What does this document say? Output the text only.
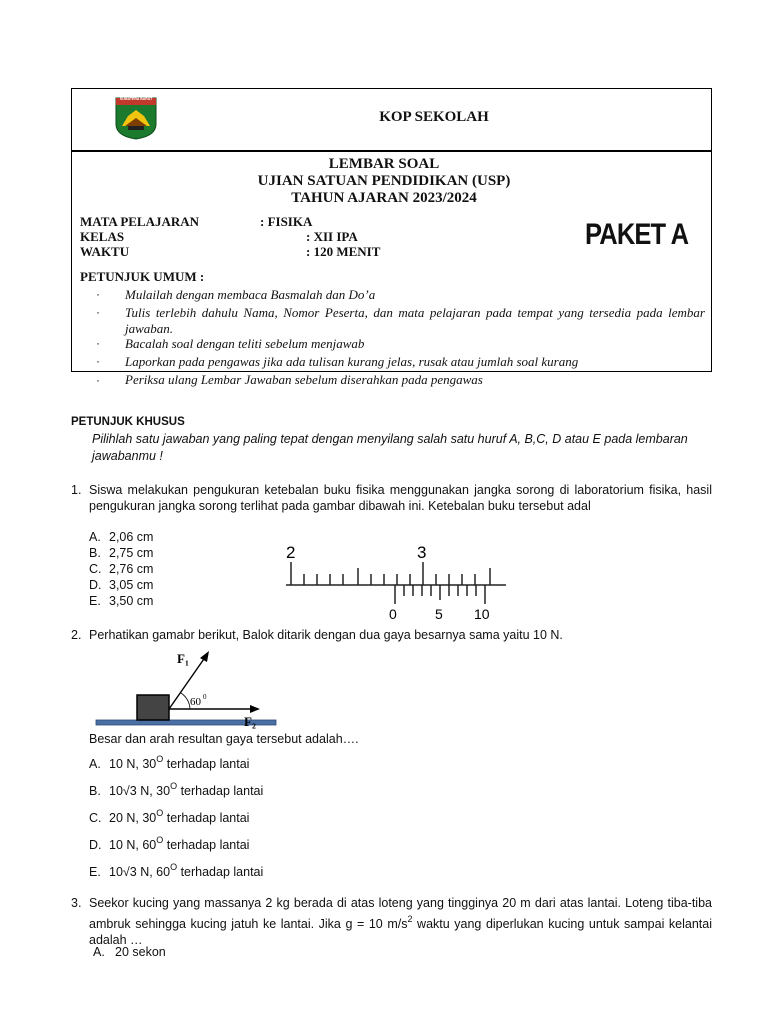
SUMATERA BARAT
KOP SEKOLAH
LEMBAR SOAL
UJIAN SATUAN PENDIDIKAN (USP)
TAHUN AJARAN 2023/2024
MATA PELAJARAN	: FISIKA
KELAS	: XII IPA
WAKTU	: 120 MENIT
PAKET A
PETUNJUK UMUM :
· Mulailah dengan membaca Basmalah dan Do’a
· Tulis terlebih dahulu Nama, Nomor Peserta, dan mata pelajaran pada tempat yang tersedia pada lembar jawaban.
· Bacalah soal dengan teliti sebelum menjawab
· Laporkan pada pengawas jika ada tulisan kurang jelas, rusak atau jumlah soal kurang
· Periksa ulang Lembar Jawaban sebelum diserahkan pada pengawas
PETUNJUK KHUSUS
Pilihlah satu jawaban yang paling tepat dengan menyilang salah satu huruf A, B,C, D atau E pada lembaran jawabanmu !
1. Siswa melakukan pengukuran ketebalan buku fisika menggunakan jangka sorong di laboratorium fisika, hasil pengukuran jangka sorong terlihat pada gambar dibawah ini. Ketebalan buku tersebut adal
A. 2,06 cm
B. 2,75 cm
C. 2,76 cm
D. 3,05 cm
E. 3,50 cm
2	3
0	5 10
2. Perhatikan gamabr berikut, Balok ditarik dengan dua gaya besarnya sama yaitu 10 N.
F₁
F₂
60 0
Besar dan arah resultan gaya tersebut adalah….
A. 10 N, $30^O$ terhadap lantai
B. 10√3 N, $30^O$ terhadap lantai
C. 20 N, $30^O$ terhadap lantai
D. 10 N, $60^O$ terhadap lantai
E. 10√3 N, $60^O$ terhadap lantai
3. Seekor kucing yang massanya 2 kg berada di atas loteng yang tingginya 20 m dari atas lantai. Loteng tiba-tiba ambruk sehingga kucing jatuh ke lantai. Jika g = 10 $m/s^2$ waktu yang diperlukan kucing untuk sampai kelantai adalah …
A. 20 sekon
